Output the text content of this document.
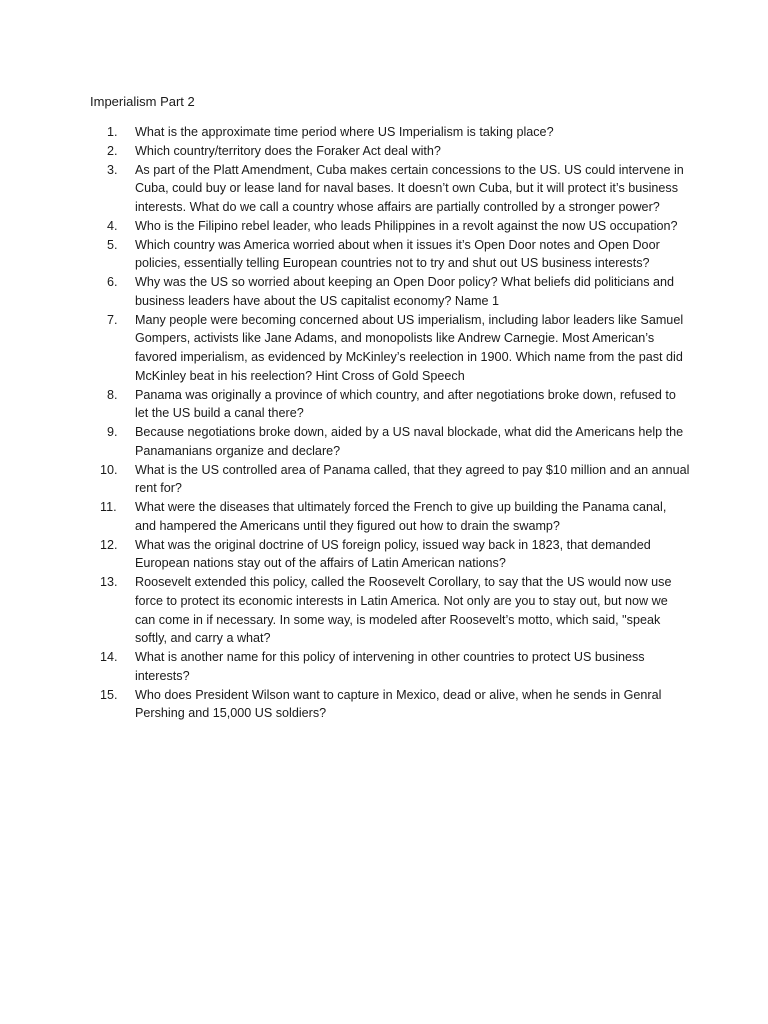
Imperialism Part 2
1.	What is the approximate time period where US Imperialism is taking place?
2.	Which country/territory does the Foraker Act deal with?
3.	As part of the Platt Amendment, Cuba makes certain concessions to the US. US could intervene in Cuba, could buy or lease land for naval bases. It doesn’t own Cuba, but it will protect it’s business interests. What do we call a country whose affairs are partially controlled by a stronger power?
4.	Who is the Filipino rebel leader, who leads Philippines in a revolt against the now US occupation?
5.	Which country was America worried about when it issues it’s Open Door notes and Open Door policies, essentially telling European countries not to try and shut out US business interests?
6.	Why was the US so worried about keeping an Open Door policy? What beliefs did politicians and business leaders have about the US capitalist economy? Name 1
7.	Many people were becoming concerned about US imperialism, including labor leaders like Samuel Gompers, activists like Jane Adams, and monopolists like Andrew Carnegie. Most American’s favored imperialism, as evidenced by McKinley’s reelection in 1900. Which name from the past did McKinley beat in his reelection? Hint Cross of Gold Speech
8.	Panama was originally a province of which country, and after negotiations broke down, refused to let the US build a canal there?
9.	Because negotiations broke down, aided by a US naval blockade, what did the Americans help the Panamanians organize and declare?
10.	What is the US controlled area of Panama called, that they agreed to pay $10 million and an annual rent for?
11.	What were the diseases that ultimately forced the French to give up building the Panama canal, and hampered the Americans until they figured out how to drain the swamp?
12.	What was the original doctrine of US foreign policy, issued way back in 1823, that demanded European nations stay out of the affairs of Latin American nations?
13.	Roosevelt extended this policy, called the Roosevelt Corollary, to say that the US would now use force to protect its economic interests in Latin America. Not only are you to stay out, but now we can come in if necessary. In some way, is modeled after Roosevelt’s motto, which said, "speak softly, and carry a what?
14.	What is another name for this policy of intervening in other countries to protect US business interests?
15.	Who does President Wilson want to capture in Mexico, dead or alive, when he sends in Genral Pershing and 15,000 US soldiers?
